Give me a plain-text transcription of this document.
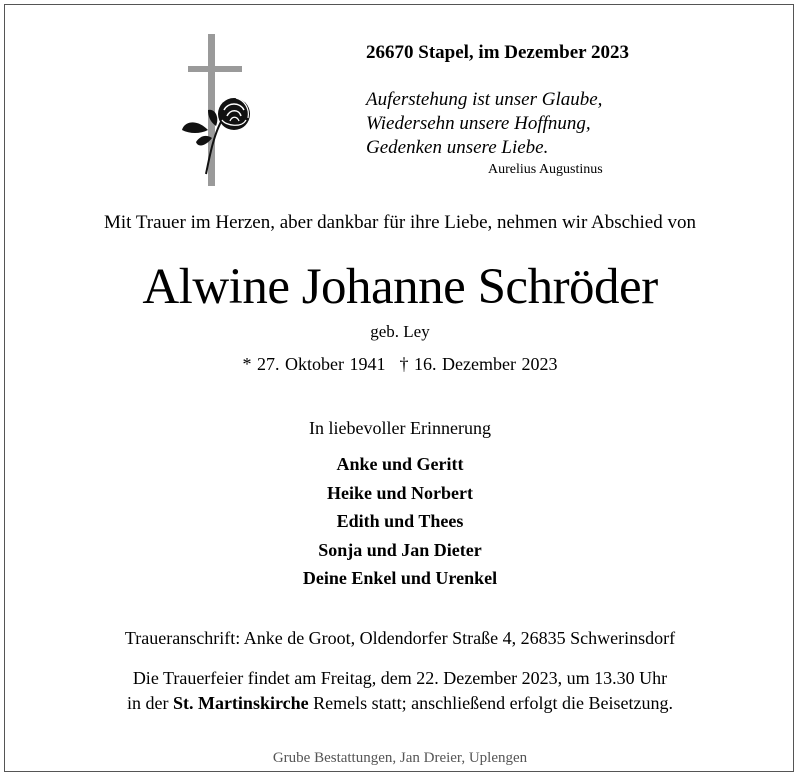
26670 Stapel, im Dezember 2023
Auferstehung ist unser Glaube,
Wiedersehn unsere Hoffnung,
Gedenken unsere Liebe.
Aurelius Augustinus
Mit Trauer im Herzen, aber dankbar für ihre Liebe, nehmen wir Abschied von
Alwine Johanne Schröder
geb. Ley
* 27. Oktober 1941 † 16. Dezember 2023
In liebevoller Erinnerung
Anke und Geritt
Heike und Norbert
Edith und Thees
Sonja und Jan Dieter
Deine Enkel und Urenkel
Traueranschrift: Anke de Groot, Oldendorfer Straße 4, 26835 Schwerinsdorf
Die Trauerfeier findet am Freitag, dem 22. Dezember 2023, um 13.30 Uhr
in der St. Martinskirche Remels statt; anschließend erfolgt die Beisetzung.
Grube Bestattungen, Jan Dreier, Uplengen
